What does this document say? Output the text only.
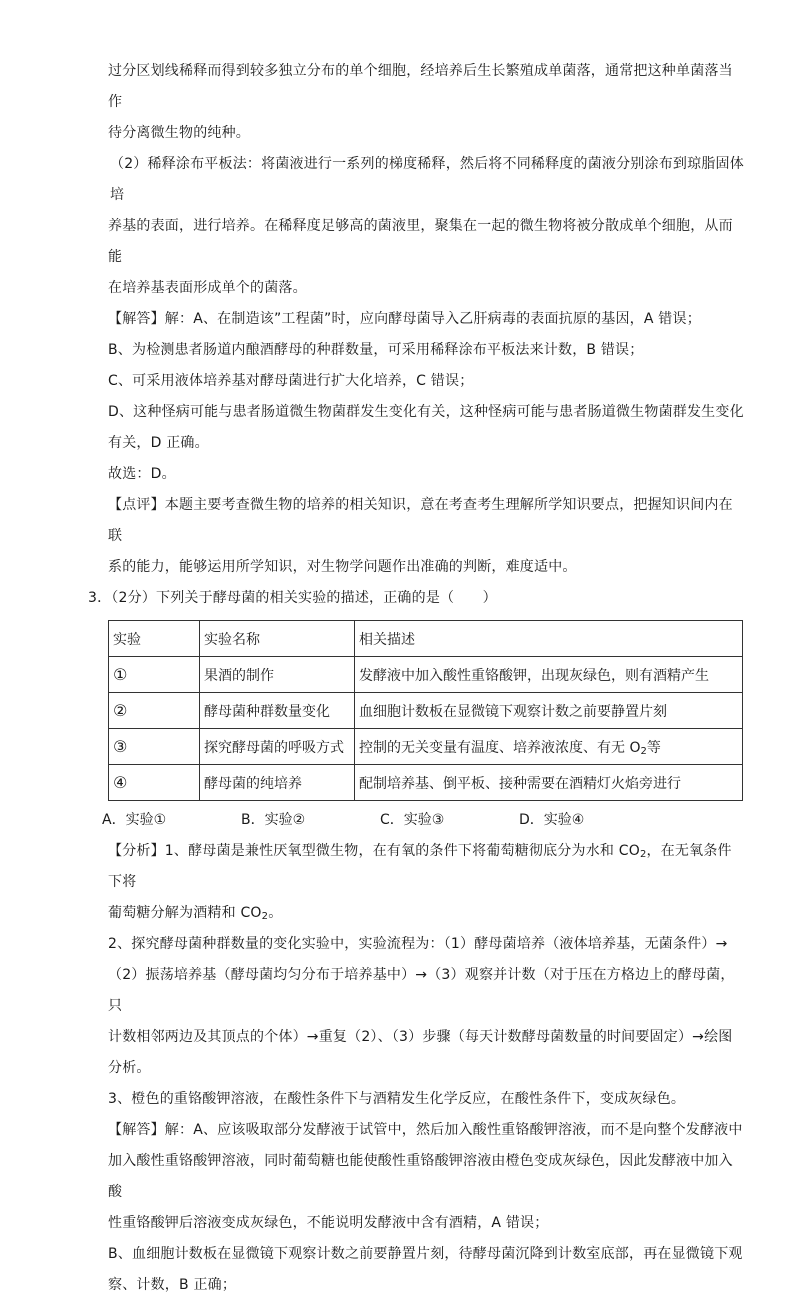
过分区划线稀释而得到较多独立分布的单个细胞，经培养后生长繁殖成单菌落，通常把这种单菌落当作

待分离微生物的纯种。

（2）稀释涂布平板法：将菌液进行一系列的梯度稀释，然后将不同稀释度的菌液分别涂布到琼脂固体培

养基的表面，进行培养。在稀释度足够高的菌液里，聚集在一起的微生物将被分散成单个细胞，从而能

在培养基表面形成单个的菌落。

【解答】解：A、在制造该”工程菌”时，应向酵母菌导入乙肝病毒的表面抗原的基因，A 错误；

B、为检测患者肠道内酿酒酵母的种群数量，可采用稀释涂布平板法来计数，B 错误；

C、可采用液体培养基对酵母菌进行扩大化培养，C 错误；

D、这种怪病可能与患者肠道微生物菌群发生变化有关，这种怪病可能与患者肠道微生物菌群发生变化

有关，D 正确。

故选：D。

【点评】本题主要考查微生物的培养的相关知识，意在考查考生理解所学知识要点，把握知识间内在联

系的能力，能够运用所学知识，对生物学问题作出准确的判断，难度适中。

3．（2分）下列关于酵母菌的相关实验的描述，正确的是（　　）

实验	实验名称	相关描述
①	果酒的制作	发酵液中加入酸性重铬酸钾，出现灰绿色，则有酒精产生
②	酵母菌种群数量变化	血细胞计数板在显微镜下观察计数之前要静置片刻
③	探究酵母菌的呼吸方式	控制的无关变量有温度、培养液浓度、有无 $O_2$等
④	酵母菌的纯培养	配制培养基、倒平板、接种需要在酒精灯火焰旁进行
A．实验①	B．实验②	C．实验③	D．实验④

【分析】1、酵母菌是兼性厌氧型微生物，在有氧的条件下将葡萄糖彻底分为水和 $CO_2$，在无氧条件下将

葡萄糖分解为酒精和 $CO_2$。

2、探究酵母菌种群数量的变化实验中，实验流程为：（1）酵母菌培养（液体培养基，无菌条件）→

（2）振荡培养基（酵母菌均匀分布于培养基中）→（3）观察并计数（对于压在方格边上的酵母菌，只

计数相邻两边及其顶点的个体）→重复（2）、（3）步骤（每天计数酵母菌数量的时间要固定）→绘图

分析。

3、橙色的重铬酸钾溶液，在酸性条件下与酒精发生化学反应，在酸性条件下，变成灰绿色。

【解答】解：A、应该吸取部分发酵液于试管中，然后加入酸性重铬酸钾溶液，而不是向整个发酵液中

加入酸性重铬酸钾溶液，同时葡萄糖也能使酸性重铬酸钾溶液由橙色变成灰绿色，因此发酵液中加入酸

性重铬酸钾后溶液变成灰绿色，不能说明发酵液中含有酒精，A 错误；

B、血细胞计数板在显微镜下观察计数之前要静置片刻，待酵母菌沉降到计数室底部，再在显微镜下观

察、计数，B 正确；
